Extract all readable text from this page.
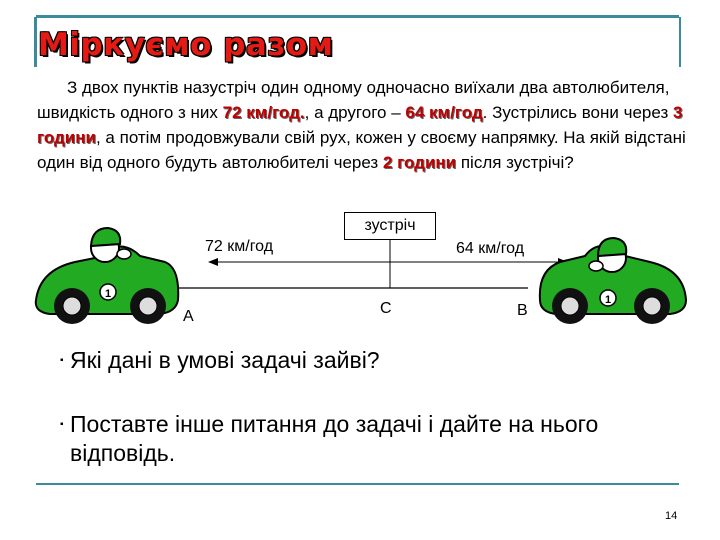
Міркуємо разом
З двох пунктів назустріч один одному одночасно виїхали два автолюбителя, швидкість одного з них 72 км/год., а другого – 64 км/год. Зустрілись вони через 3 години, а потім продовжували свій рух, кожен у своєму напрямку. На якій відстані один від одного будуть автолюбителі через 2 години після зустрічі?
1	1
зустріч
72 км/год	64 км/год
А	С	В
▪ Які дані в умові задачі зайві?
▪ Поставте інше питання до задачі і дайте на нього відповідь.
14
